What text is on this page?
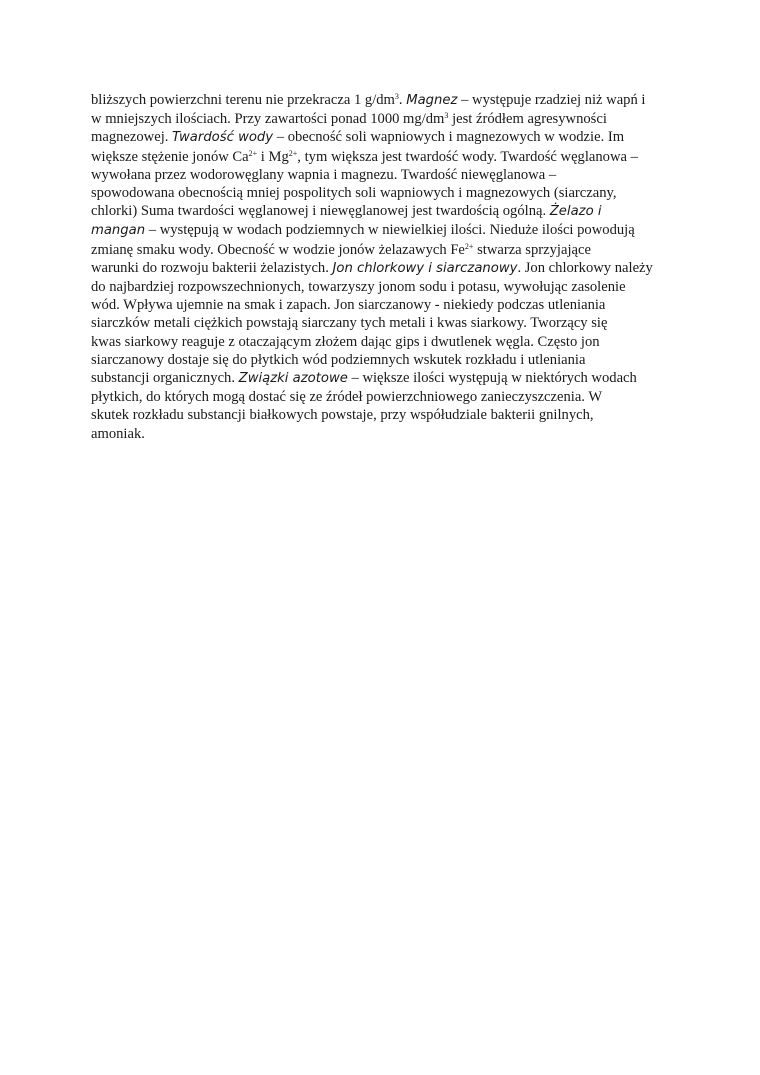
bliższych powierzchni terenu nie przekracza 1 $g/dm^3$. Magnez – występuje rzadziej niż wapń i
w mniejszych ilościach. Przy zawartości ponad 1000 $mg/dm^3$ jest źródłem agresywności
magnezowej. Twardość wody – obecność soli wapniowych i magnezowych w wodzie. Im
większe stężenie jonów $Ca^{2+}$ i $Mg^{2+}$, tym większa jest twardość wody. Twardość węglanowa –
wywołana przez wodorowęglany wapnia i magnezu. Twardość niewęglanowa –
spowodowana obecnością mniej pospolitych soli wapniowych i magnezowych (siarczany,
chlorki) Suma twardości węglanowej i niewęglanowej jest twardością ogólną. Żelazo i
mangan – występują w wodach podziemnych w niewielkiej ilości. Nieduże ilości powodują
zmianę smaku wody. Obecność w wodzie jonów żelazawych $Fe^{2+}$ stwarza sprzyjające
warunki do rozwoju bakterii żelazistych. Jon chlorkowy i siarczanowy. Jon chlorkowy należy
do najbardziej rozpowszechnionych, towarzyszy jonom sodu i potasu, wywołując zasolenie
wód. Wpływa ujemnie na smak i zapach. Jon siarczanowy - niekiedy podczas utleniania
siarczków metali ciężkich powstają siarczany tych metali i kwas siarkowy. Tworzący się
kwas siarkowy reaguje z otaczającym złożem dając gips i dwutlenek węgla. Często jon
siarczanowy dostaje się do płytkich wód podziemnych wskutek rozkładu i utleniania
substancji organicznych. Związki azotowe – większe ilości występują w niektórych wodach
płytkich, do których mogą dostać się ze źródeł powierzchniowego zanieczyszczenia. W
skutek rozkładu substancji białkowych powstaje, przy współudziale bakterii gnilnych,
amoniak.
